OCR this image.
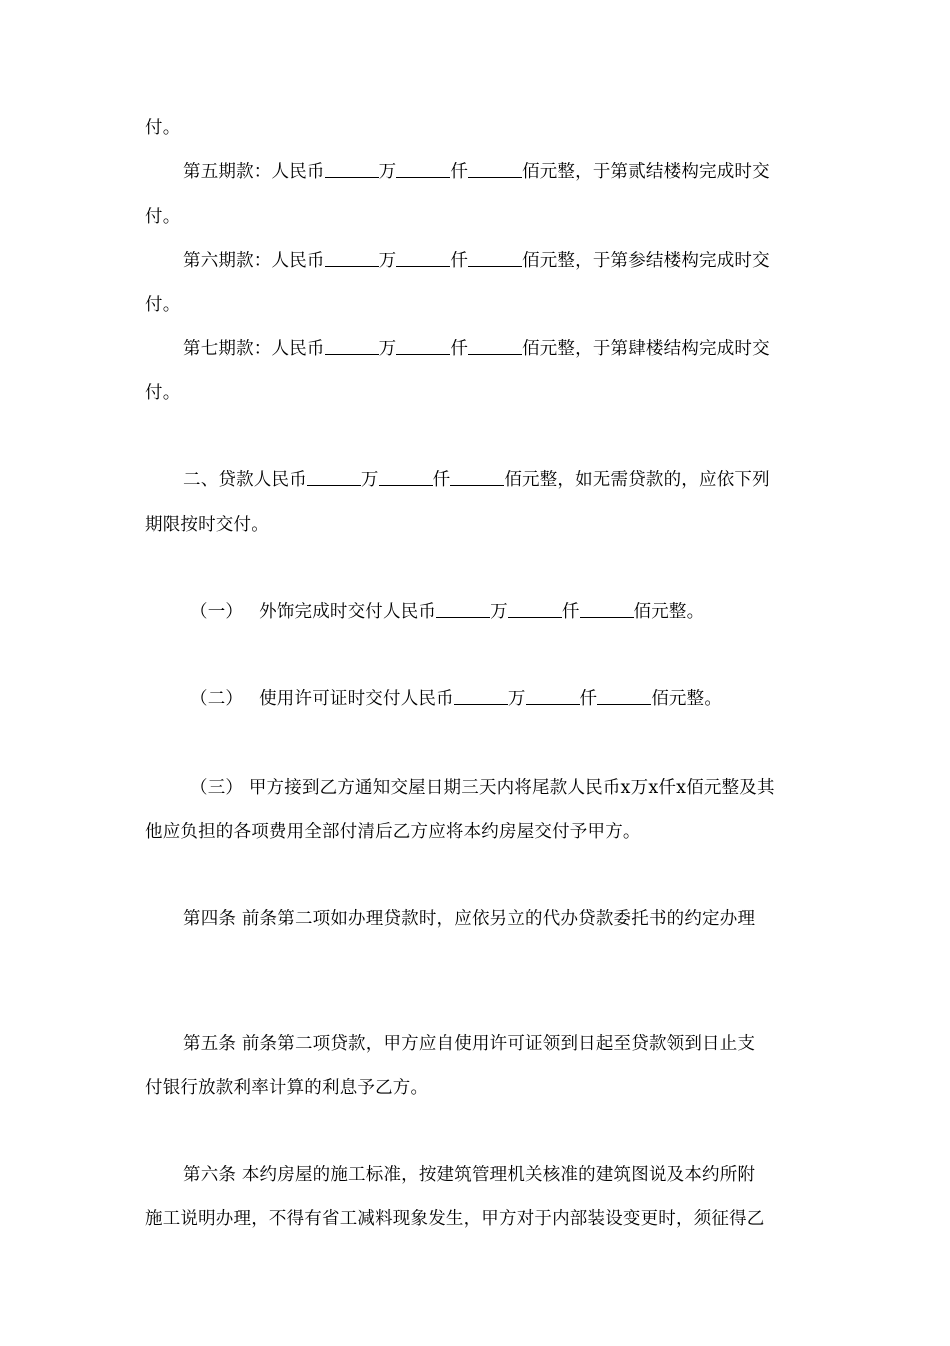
付。
第五期款：人民币	万	仟	佰元整，于第贰结楼构完成时交
付。
第六期款：人民币	万	仟	佰元整，于第参结楼构完成时交
付。
第七期款：人民币	万	仟	佰元整，于第肆楼结构完成时交
付。
二、贷款人民币	万	仟	佰元整，如无需贷款的，应依下列
期限按时交付。
（一） 外饰完成时交付人民币	万	仟	佰元整。
（二） 使用许可证时交付人民币	万	仟	佰元整。
（三） 甲方接到乙方通知交屋日期三天内将尾款人民币x万x仟x佰元整及其
他应负担的各项费用全部付清后乙方应将本约房屋交付予甲方。
第四条 前条第二项如办理贷款时，应依另立的代办贷款委托书的约定办理
第五条 前条第二项贷款，甲方应自使用许可证领到日起至贷款领到日止支
付银行放款利率计算的利息予乙方。
第六条 本约房屋的施工标准，按建筑管理机关核准的建筑图说及本约所附
施工说明办理，不得有省工减料现象发生，甲方对于内部装设变更时，须征得乙
